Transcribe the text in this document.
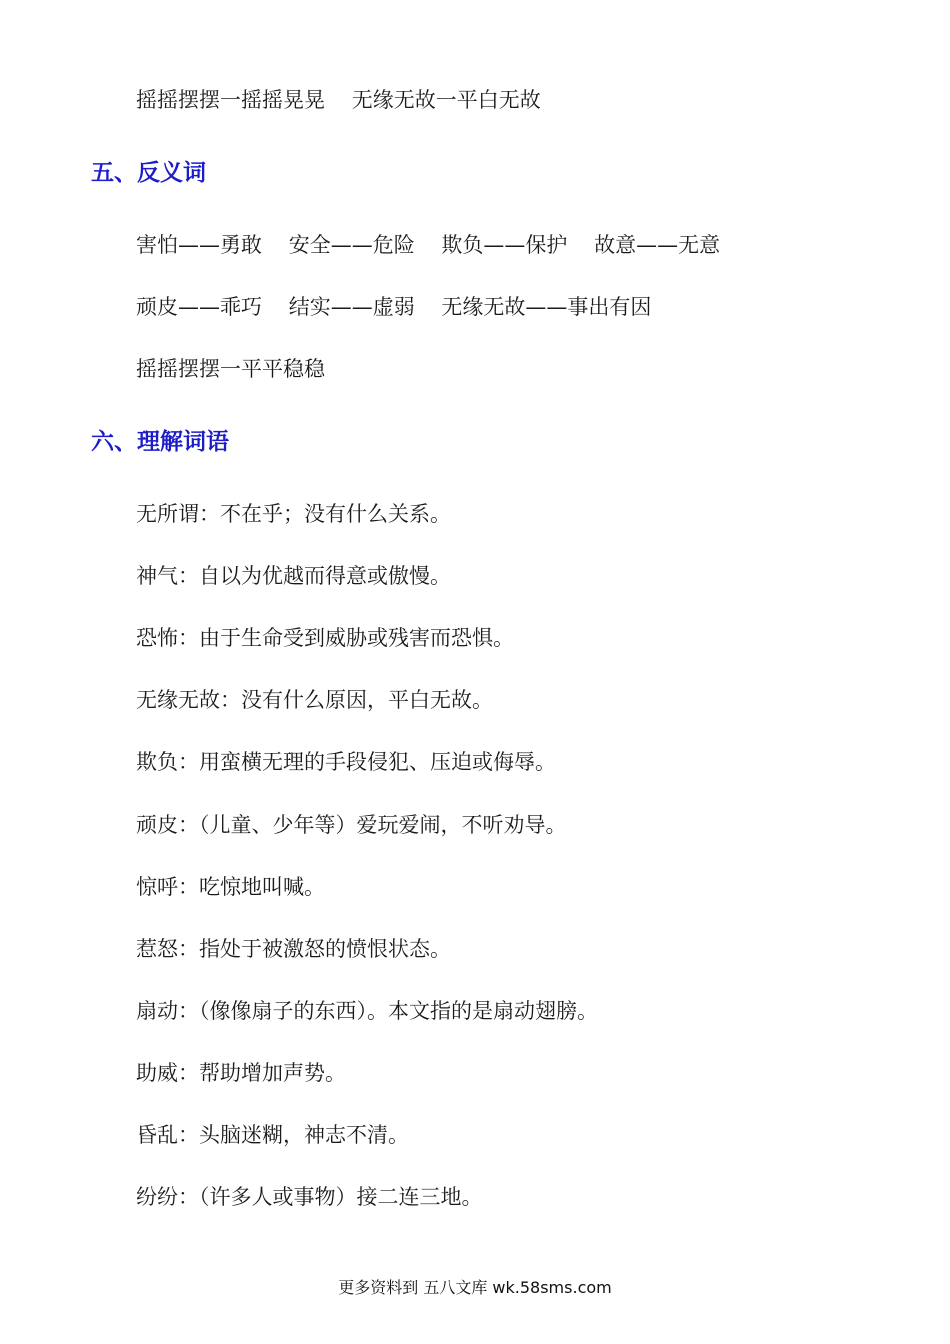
摇摇摆摆一摇摇晃晃    无缘无故一平白无故
五、反义词
害怕——勇敢    安全——危险    欺负——保护    故意——无意
顽皮——乖巧    结实——虚弱    无缘无故——事出有因
摇摇摆摆一平平稳稳
六、理解词语
无所谓：不在乎；没有什么关系。
神气：自以为优越而得意或傲慢。
恐怖：由于生命受到威胁或残害而恐惧。
无缘无故：没有什么原因，平白无故。
欺负：用蛮横无理的手段侵犯、压迫或侮辱。
顽皮：（儿童、少年等）爱玩爱闹，不听劝导。
惊呼：吃惊地叫喊。
惹怒：指处于被激怒的愤恨状态。
扇动：（像像扇子的东西）。本文指的是扇动翅膀。
助威：帮助增加声势。
昏乱：头脑迷糊，神志不清。
纷纷：（许多人或事物）接二连三地。
更多资料到 五八文库 wk.58sms.com
